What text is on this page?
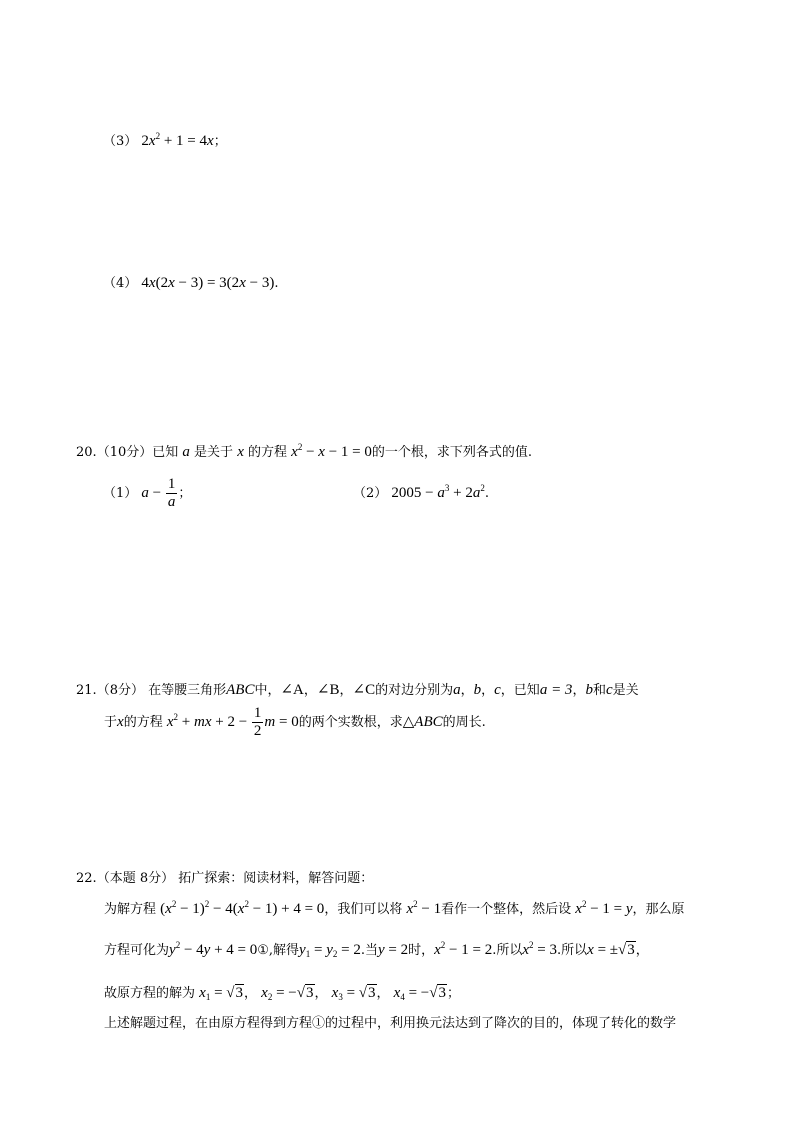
（3） $2x^2 + 1 = 4x$；
（4） 4x(2x − 3) = 3(2x − 3).
20.（10分）已知 a 是关于 x 的方程 $x^2 - x - 1 = 0$的一个根，求下列各式的值.
（1） $a - \frac{1}{a}$ ；	（2） $2005 - a^3 + 2a^2$.
21.（8分） 在等腰三角形ABC中，∠A，∠B，∠C的对边分别为a，b，c，已知a = 3，b和c是关
于x的方程 $x^2$ + mx + $2 - \frac{1}{2}$ m = 0的两个实数根，求△ABC的周长.
22.（本题 8分） 拓广探索：阅读材料，解答问题：
为解方程 $(x^2 - 1)^2 - 4(x^2 - 1) + 4 = 0$，我们可以将 $x^2 - 1$看作一个整体，然后设 $x^2 - 1 = y$，那么原
方程可化为$y^2 - 4y + 4$ = 0①,解得$y_1 = y_2 = 2$.当y = 2时，$x^2 - 1 = 2$.所以$x^2 = 3$.所以x = ±√3，
故原方程的解为 $x_1 = √3$， $x_2 = -√3$， $x_3 = √3$， $x_4 = -√3$；
上述解题过程，在由原方程得到方程①的过程中，利用换元法达到了降次的目的，体现了转化的数学
